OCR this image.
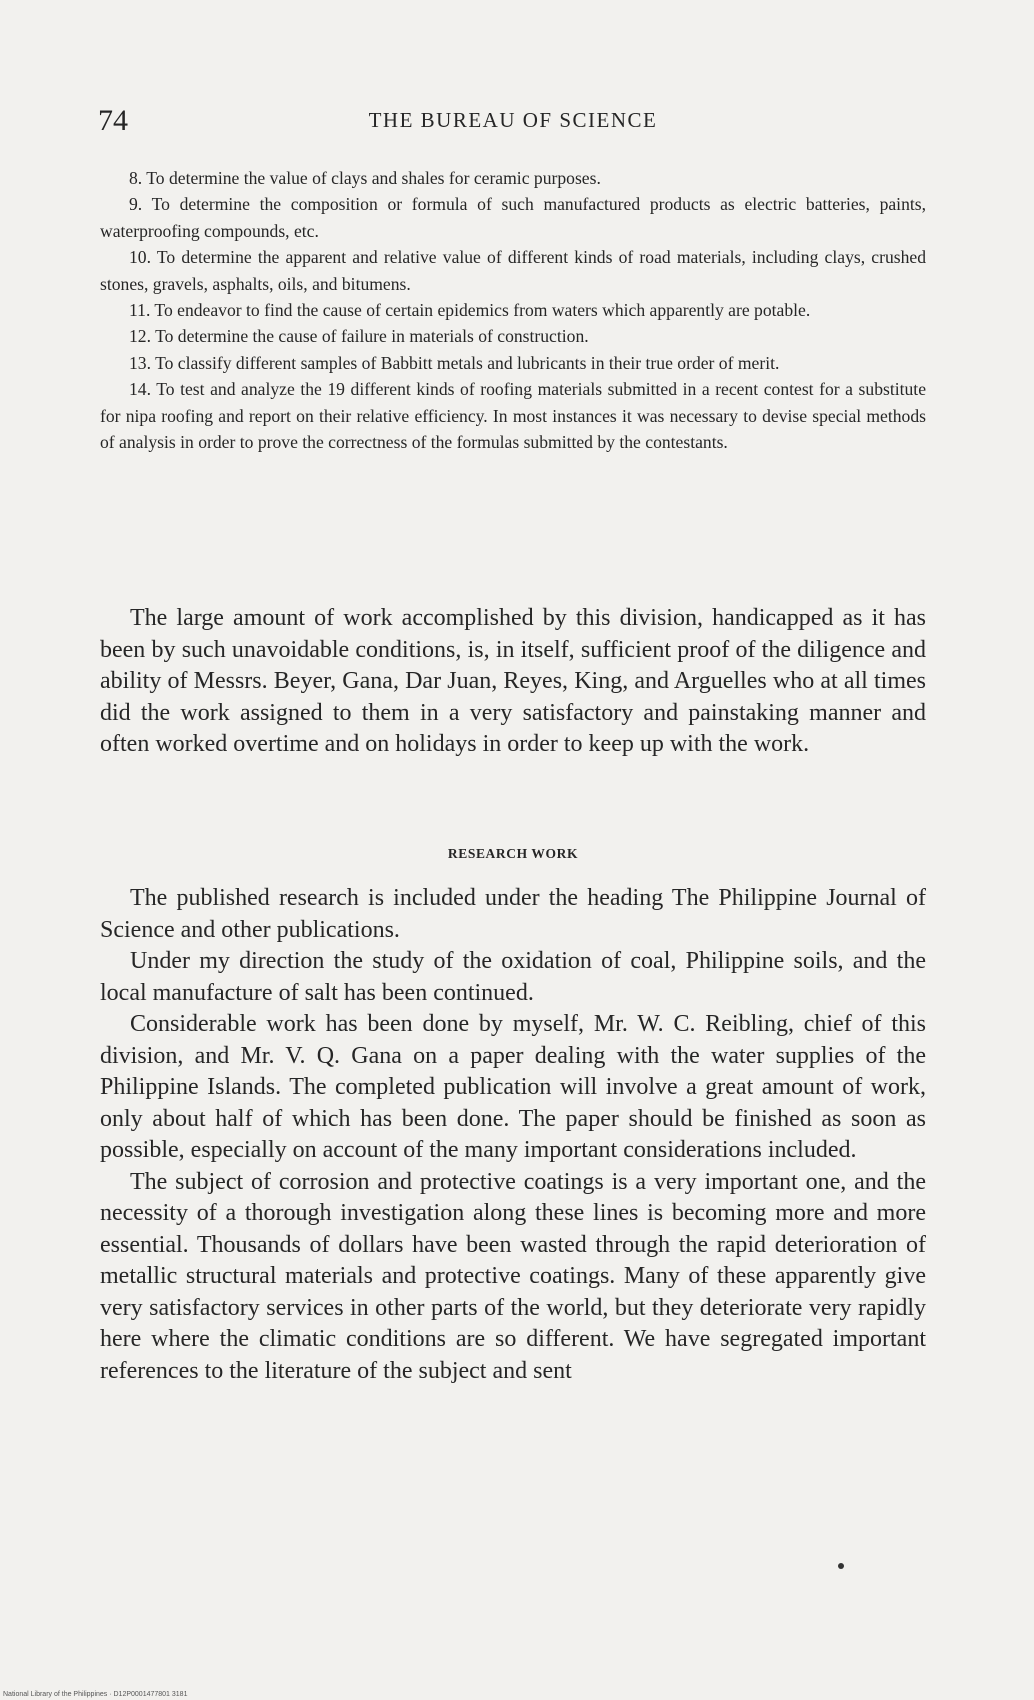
74	THE BUREAU OF SCIENCE

8. To determine the value of clays and shales for ceramic purposes.

9. To determine the composition or formula of such manufactured products as electric batteries, paints, waterproofing compounds, etc.

10. To determine the apparent and relative value of different kinds of road materials, including clays, crushed stones, gravels, asphalts, oils, and bitumens.

11. To endeavor to find the cause of certain epidemics from waters which apparently are potable.

12. To determine the cause of failure in materials of construction.

13. To classify different samples of Babbitt metals and lubricants in their true order of merit.

14. To test and analyze the 19 different kinds of roofing materials submitted in a recent contest for a substitute for nipa roofing and report on their relative efficiency. In most instances it was necessary to devise special methods of analysis in order to prove the correctness of the formulas submitted by the contestants.

The large amount of work accomplished by this division, handicapped as it has been by such unavoidable conditions, is, in itself, sufficient proof of the diligence and ability of Messrs. Beyer, Gana, Dar Juan, Reyes, King, and Arguelles who at all times did the work assigned to them in a very satisfactory and painstaking manner and often worked overtime and on holidays in order to keep up with the work.

RESEARCH WORK

The published research is included under the heading The Philippine Journal of Science and other publications.

Under my direction the study of the oxidation of coal, Philippine soils, and the local manufacture of salt has been continued.

Considerable work has been done by myself, Mr. W. C. Reibling, chief of this division, and Mr. V. Q. Gana on a paper dealing with the water supplies of the Philippine Islands. The completed publication will involve a great amount of work, only about half of which has been done. The paper should be finished as soon as possible, especially on account of the many important considerations included.

The subject of corrosion and protective coatings is a very important one, and the necessity of a thorough investigation along these lines is becoming more and more essential. Thousands of dollars have been wasted through the rapid deterioration of metallic structural materials and protective coatings. Many of these apparently give very satisfactory services in other parts of the world, but they deteriorate very rapidly here where the climatic conditions are so different. We have segregated important references to the literature of the subject and sent

National Library of the Philippines · D12P0001477801 3181
